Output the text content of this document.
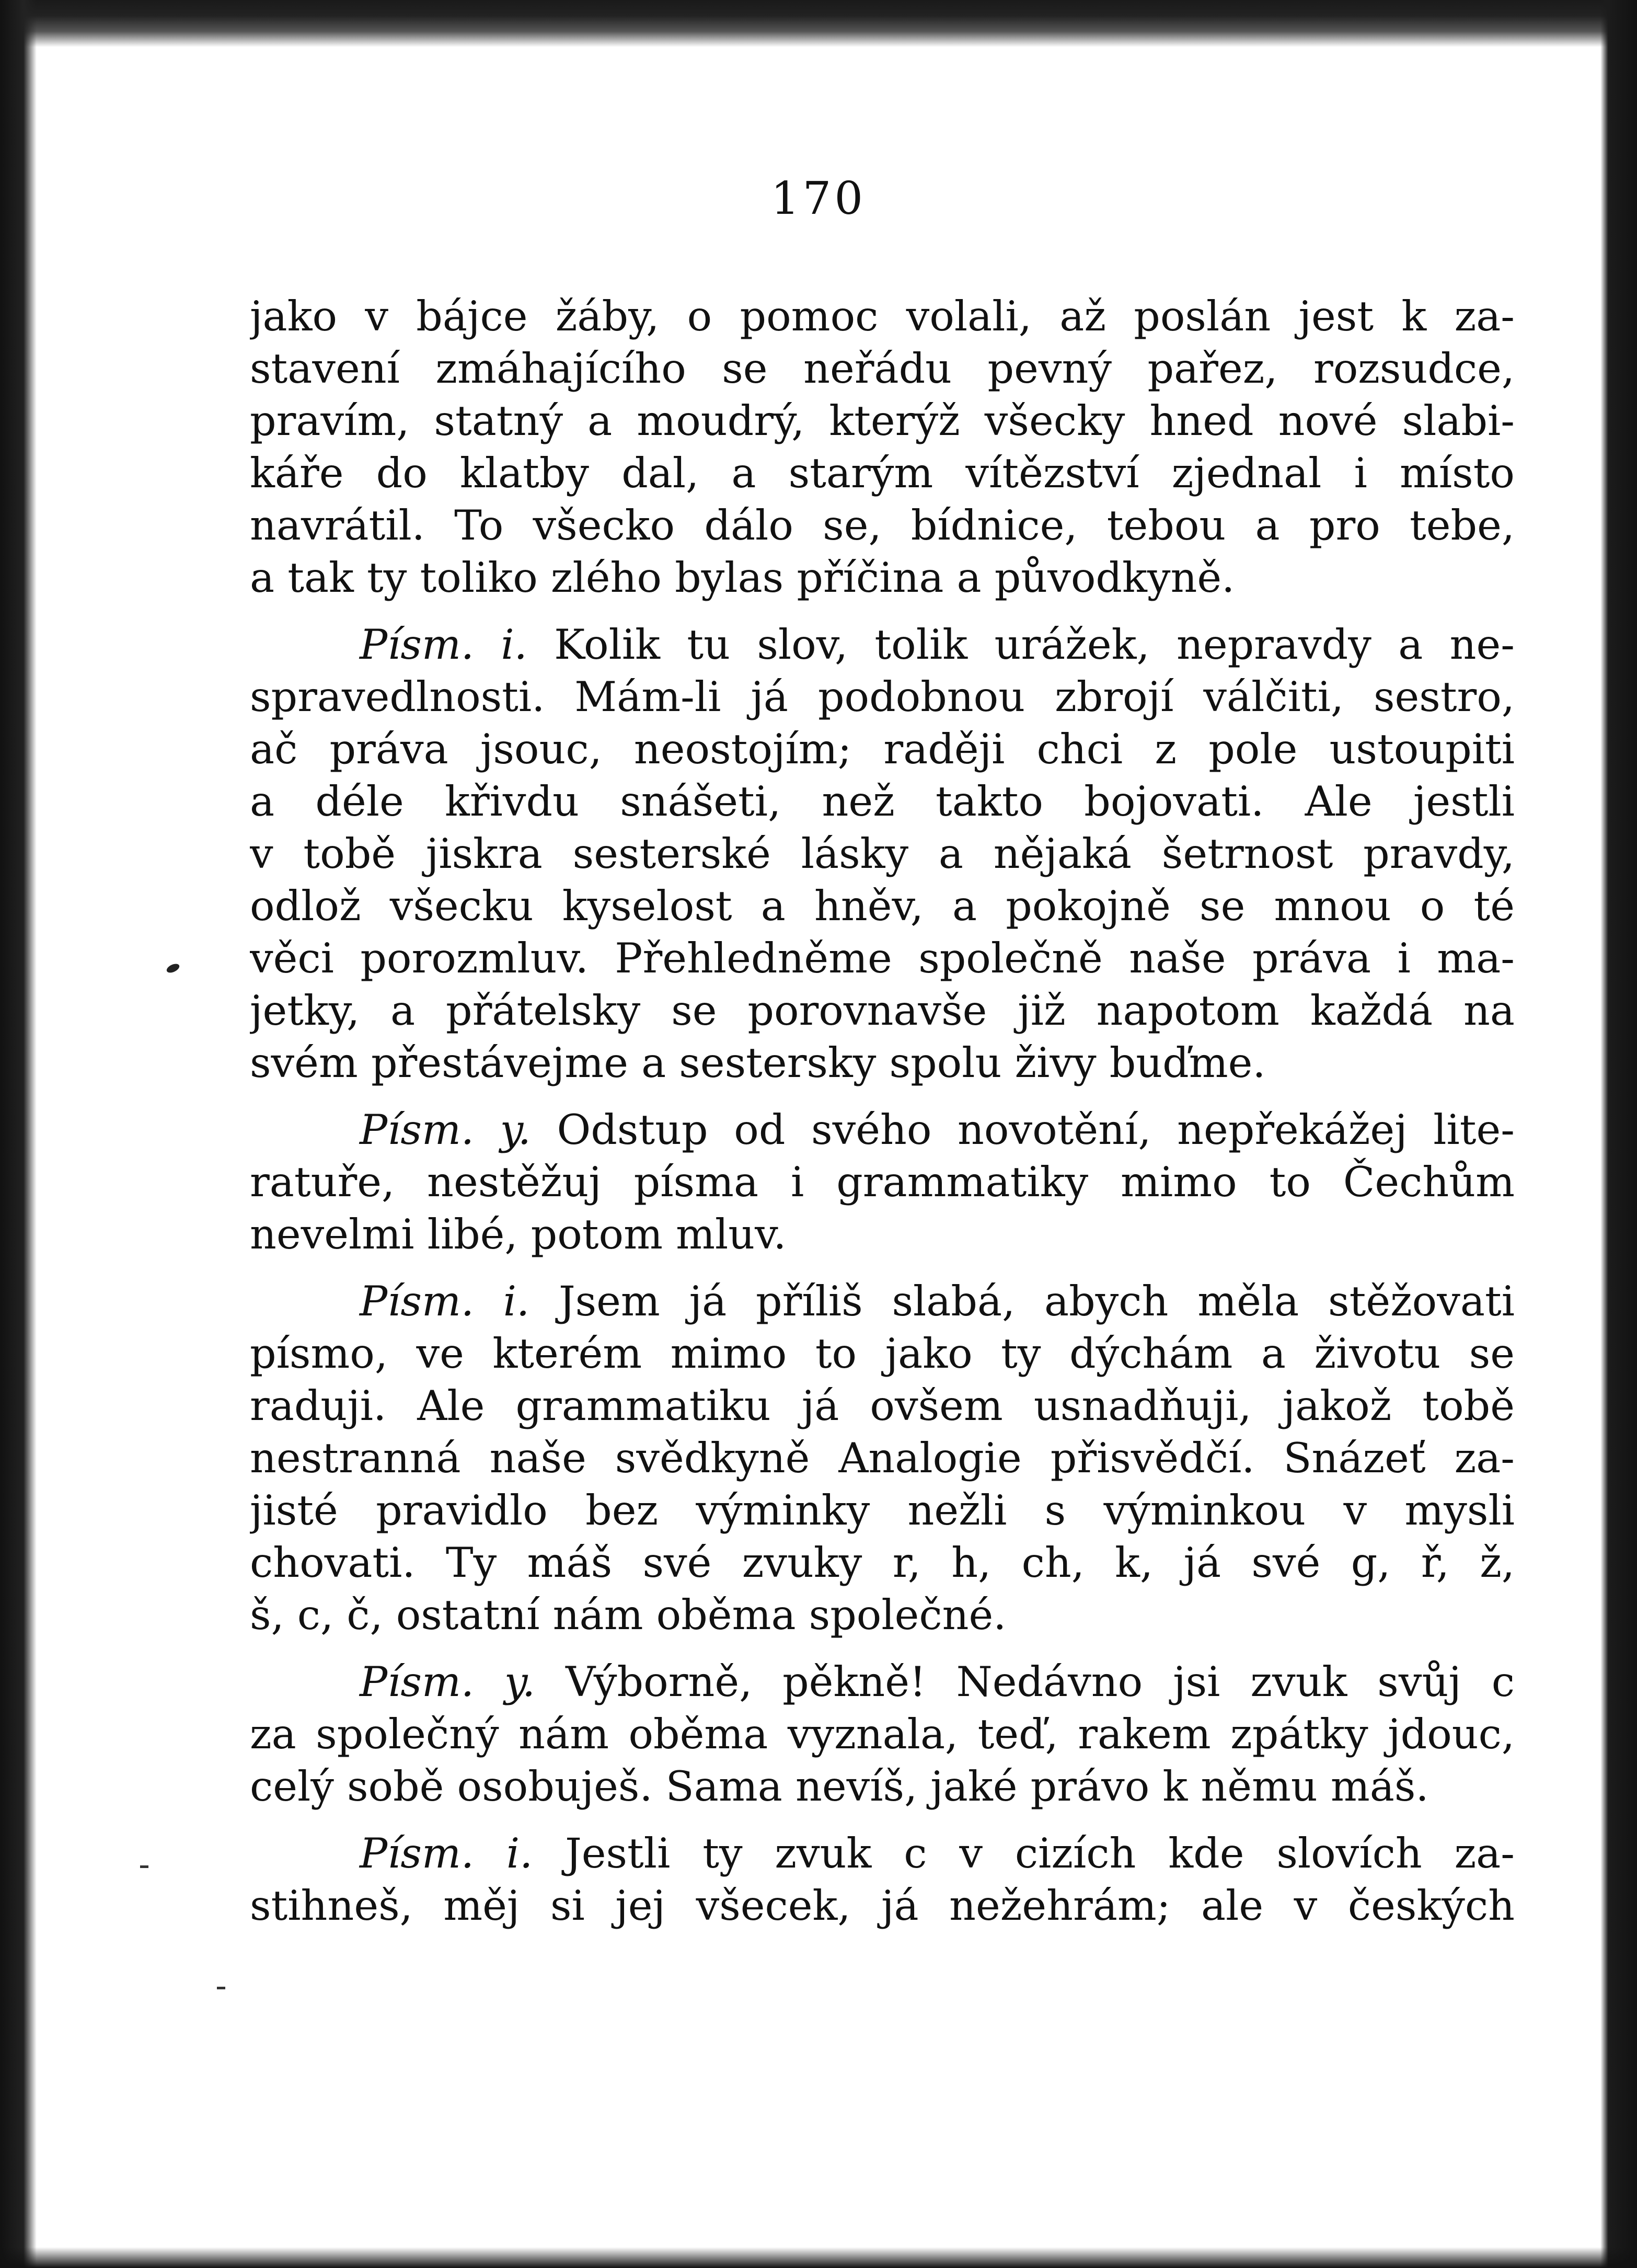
170
jako v bájce žáby, o pomoc volali, až poslán jest k za-
stavení zmáhajícího se neřádu pevný pařez, rozsudce,
pravím, statný a moudrý, kterýž všecky hned nové slabi-
káře do klatby dal, a starým vítězství zjednal i místo
navrátil. To všecko dálo se, bídnice, tebou a pro tebe,
a tak ty toliko zlého bylas příčina a původkyně.
Písm. i. Kolik tu slov, tolik urážek, nepravdy a ne-
spravedlnosti. Mám-li já podobnou zbrojí válčiti, sestro,
ač práva jsouc, neostojím; raději chci z pole ustoupiti
a déle křivdu snášeti, než takto bojovati. Ale jestli
v tobě jiskra sesterské lásky a nějaká šetrnost pravdy,
odlož všecku kyselost a hněv, a pokojně se mnou o té
věci porozmluv. Přehledněme společně naše práva i ma-
jetky, a přátelsky se porovnavše již napotom každá na
svém přestávejme a sestersky spolu živy buďme.
Písm. y. Odstup od svého novotění, nepřekážej lite-
ratuře, nestěžuj písma i grammatiky mimo to Čechům
nevelmi libé, potom mluv.
Písm. i. Jsem já příliš slabá, abych měla stěžovati
písmo, ve kterém mimo to jako ty dýchám a životu se
raduji. Ale grammatiku já ovšem usnadňuji, jakož tobě
nestranná naše svědkyně Analogie přisvědčí. Snázeť za-
jisté pravidlo bez výminky nežli s výminkou v mysli
chovati. Ty máš své zvuky r, h, ch, k, já své g, ř, ž,
š, c, č, ostatní nám oběma společné.
Písm. y. Výborně, pěkně! Nedávno jsi zvuk svůj c
za společný nám oběma vyznala, teď, rakem zpátky jdouc,
celý sobě osobuješ. Sama nevíš, jaké právo k němu máš.
Písm. i. Jestli ty zvuk c v cizích kde slovích za-
stihneš, měj si jej všecek, já nežehrám; ale v českých
